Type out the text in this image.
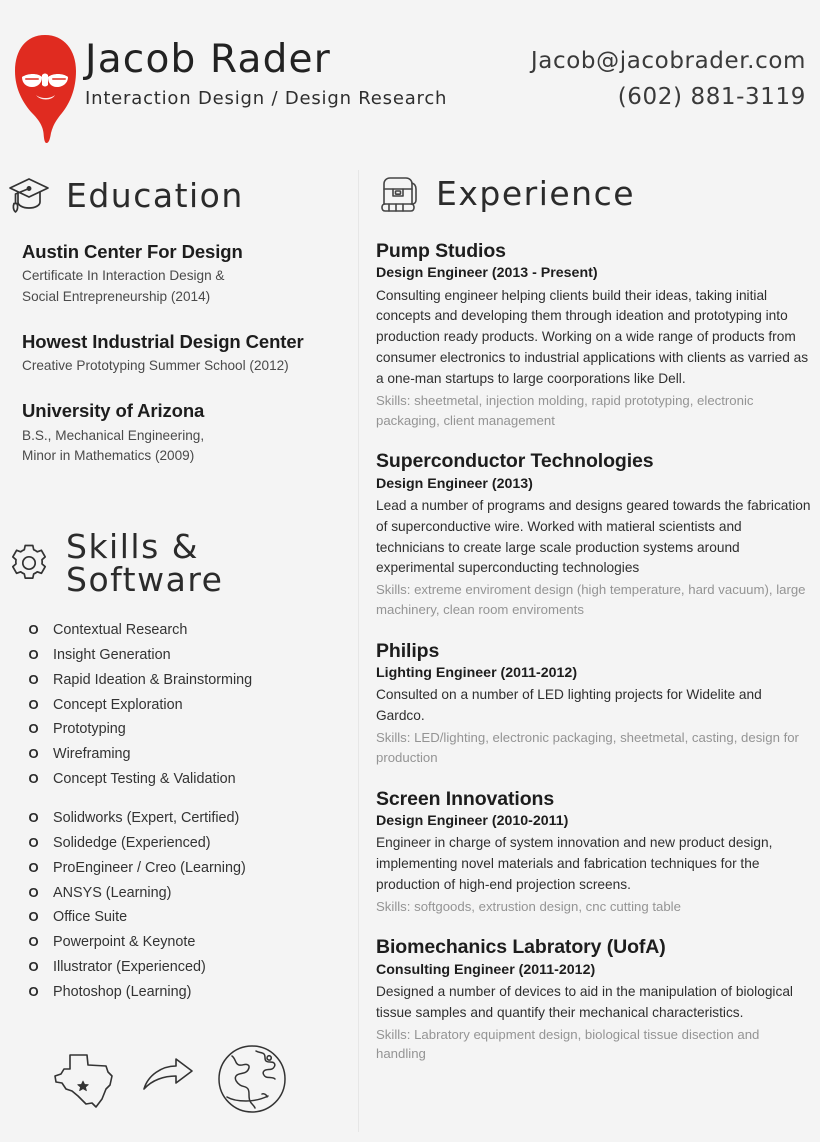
Jacob Rader
Interaction Design / Design Research
Jacob@jacobrader.com
(602) 881-3119
Education
Austin Center For Design
Certificate In Interaction Design &
Social Entrepreneurship (2014)
Howest Industrial Design Center
Creative Prototyping Summer School (2012)
University of Arizona
B.S., Mechanical Engineering,
Minor in Mathematics (2009)
Skills & Software
O Contextual Research
O Insight Generation
O Rapid Ideation & Brainstorming
O Concept Exploration
O Prototyping
O Wireframing
O Concept Testing & Validation
O Solidworks (Expert, Certified)
O Solidedge (Experienced)
O ProEngineer / Creo (Learning)
O ANSYS (Learning)
O Office Suite
O Powerpoint & Keynote
O Illustrator (Experienced)
O Photoshop (Learning)
Experience
Pump Studios
Design Engineer (2013 - Present)
Consulting engineer helping clients build their ideas, taking initial concepts and developing them through ideation and prototyping into production ready products. Working on a wide range of products from consumer electronics to industrial applications with clients as varried as a one-man startups to large coorporations like Dell.
Skills: sheetmetal, injection molding, rapid prototyping, electronic packaging, client management
Superconductor Technologies
Design Engineer (2013)
Lead a number of programs and designs geared towards the fabrication of superconductive wire. Worked with matieral scientists and technicians to create large scale production systems around experimental superconducting technologies
Skills: extreme enviroment design (high temperature, hard vacuum), large machinery, clean room enviroments
Philips
Lighting Engineer (2011-2012)
Consulted on a number of LED lighting projects for Widelite and Gardco.
Skills: LED/lighting, electronic packaging, sheetmetal, casting, design for production
Screen Innovations
Design Engineer (2010-2011)
Engineer in charge of system innovation and new product design, implementing novel materials and fabrication techniques for the production of high-end projection screens.
Skills: softgoods, extrustion design, cnc cutting table
Biomechanics Labratory (UofA)
Consulting Engineer (2011-2012)
Designed a number of devices to aid in the manipulation of biological tissue samples and quantify their mechanical characteristics.
Skills: Labratory equipment design, biological tissue disection and handling
